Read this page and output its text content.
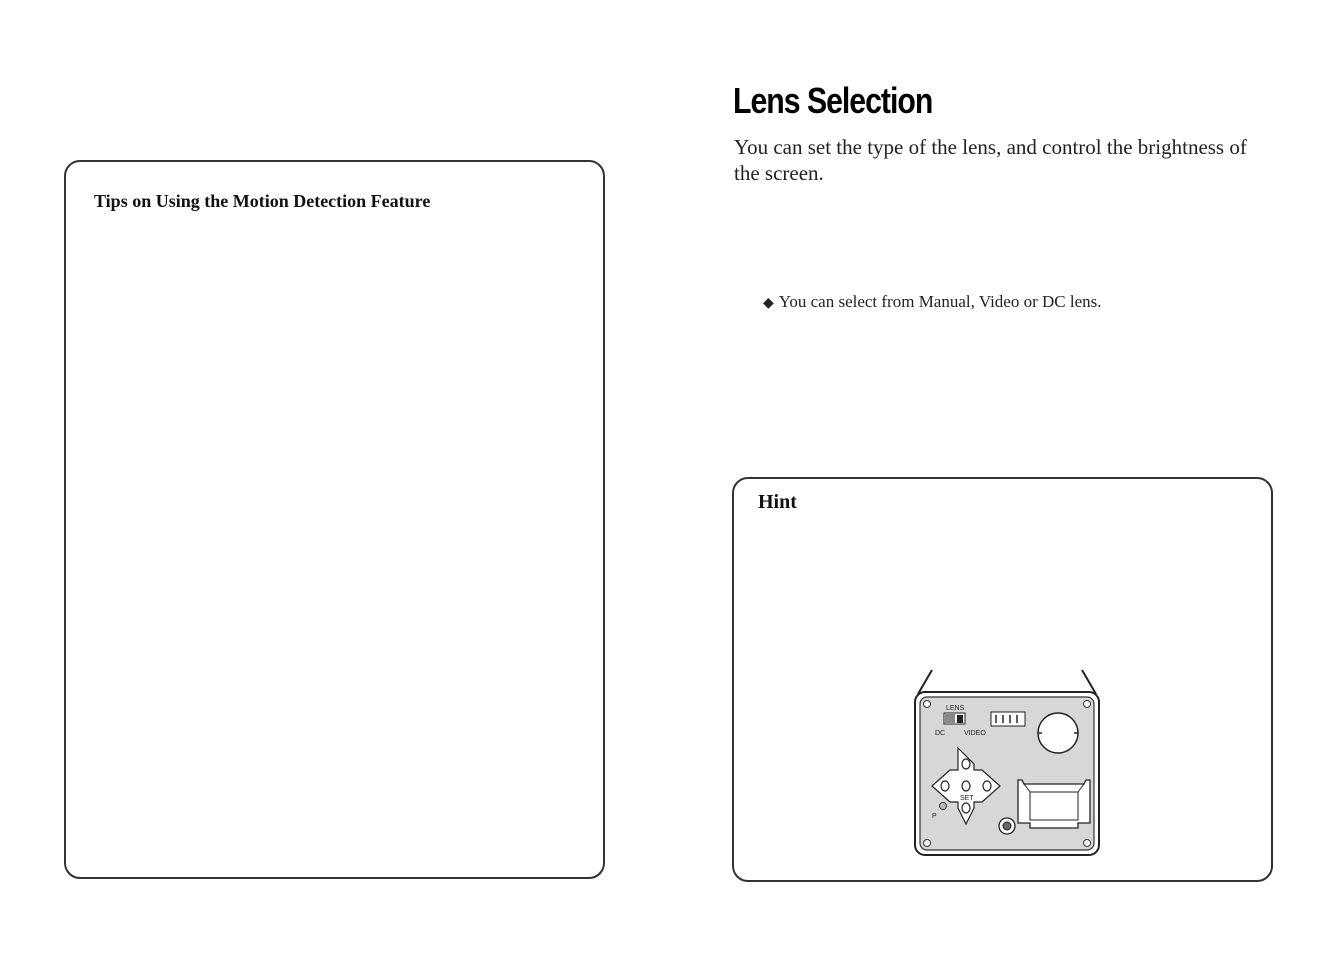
Tips on Using the Motion Detection Feature
Lens Selection

You can set the type of the lens, and control the brightness of the screen.

◆ You can select from Manual, Video or DC lens.

Hint
LENS
DC	VIDEO
SET
P
